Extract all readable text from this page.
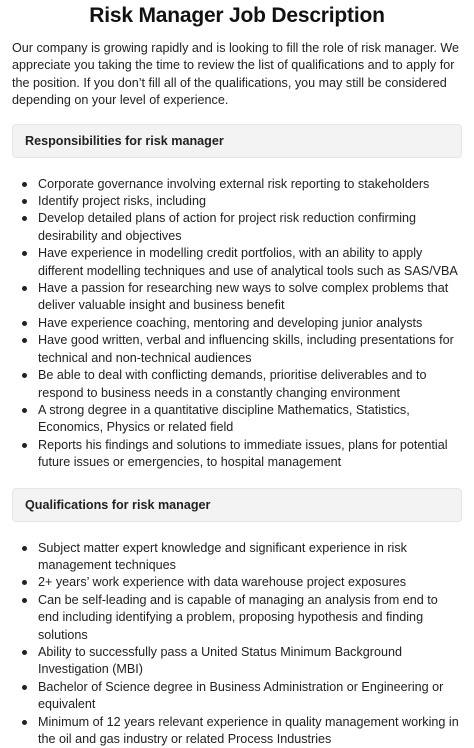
Risk Manager Job Description

Our company is growing rapidly and is looking to fill the role of risk manager. We appreciate you taking the time to review the list of qualifications and to apply for the position. If you don’t fill all of the qualifications, you may still be considered depending on your level of experience.

Responsibilities for risk manager
Corporate governance involving external risk reporting to stakeholders
Identify project risks, including
Develop detailed plans of action for project risk reduction confirming desirability and objectives
Have experience in modelling credit portfolios, with an ability to apply different modelling techniques and use of analytical tools such as SAS/VBA
Have a passion for researching new ways to solve complex problems that deliver valuable insight and business benefit
Have experience coaching, mentoring and developing junior analysts
Have good written, verbal and influencing skills, including presentations for technical and non-technical audiences
Be able to deal with conflicting demands, prioritise deliverables and to respond to business needs in a constantly changing environment
A strong degree in a quantitative discipline Mathematics, Statistics, Economics, Physics or related field
Reports his findings and solutions to immediate issues, plans for potential future issues or emergencies, to hospital management
Qualifications for risk manager
Subject matter expert knowledge and significant experience in risk management techniques
2+ years’ work experience with data warehouse project exposures
Can be self-leading and is capable of managing an analysis from end to end including identifying a problem, proposing hypothesis and finding solutions
Ability to successfully pass a United Status Minimum Background Investigation (MBI)
Bachelor of Science degree in Business Administration or Engineering or equivalent
Minimum of 12 years relevant experience in quality management working in the oil and gas industry or related Process Industries
